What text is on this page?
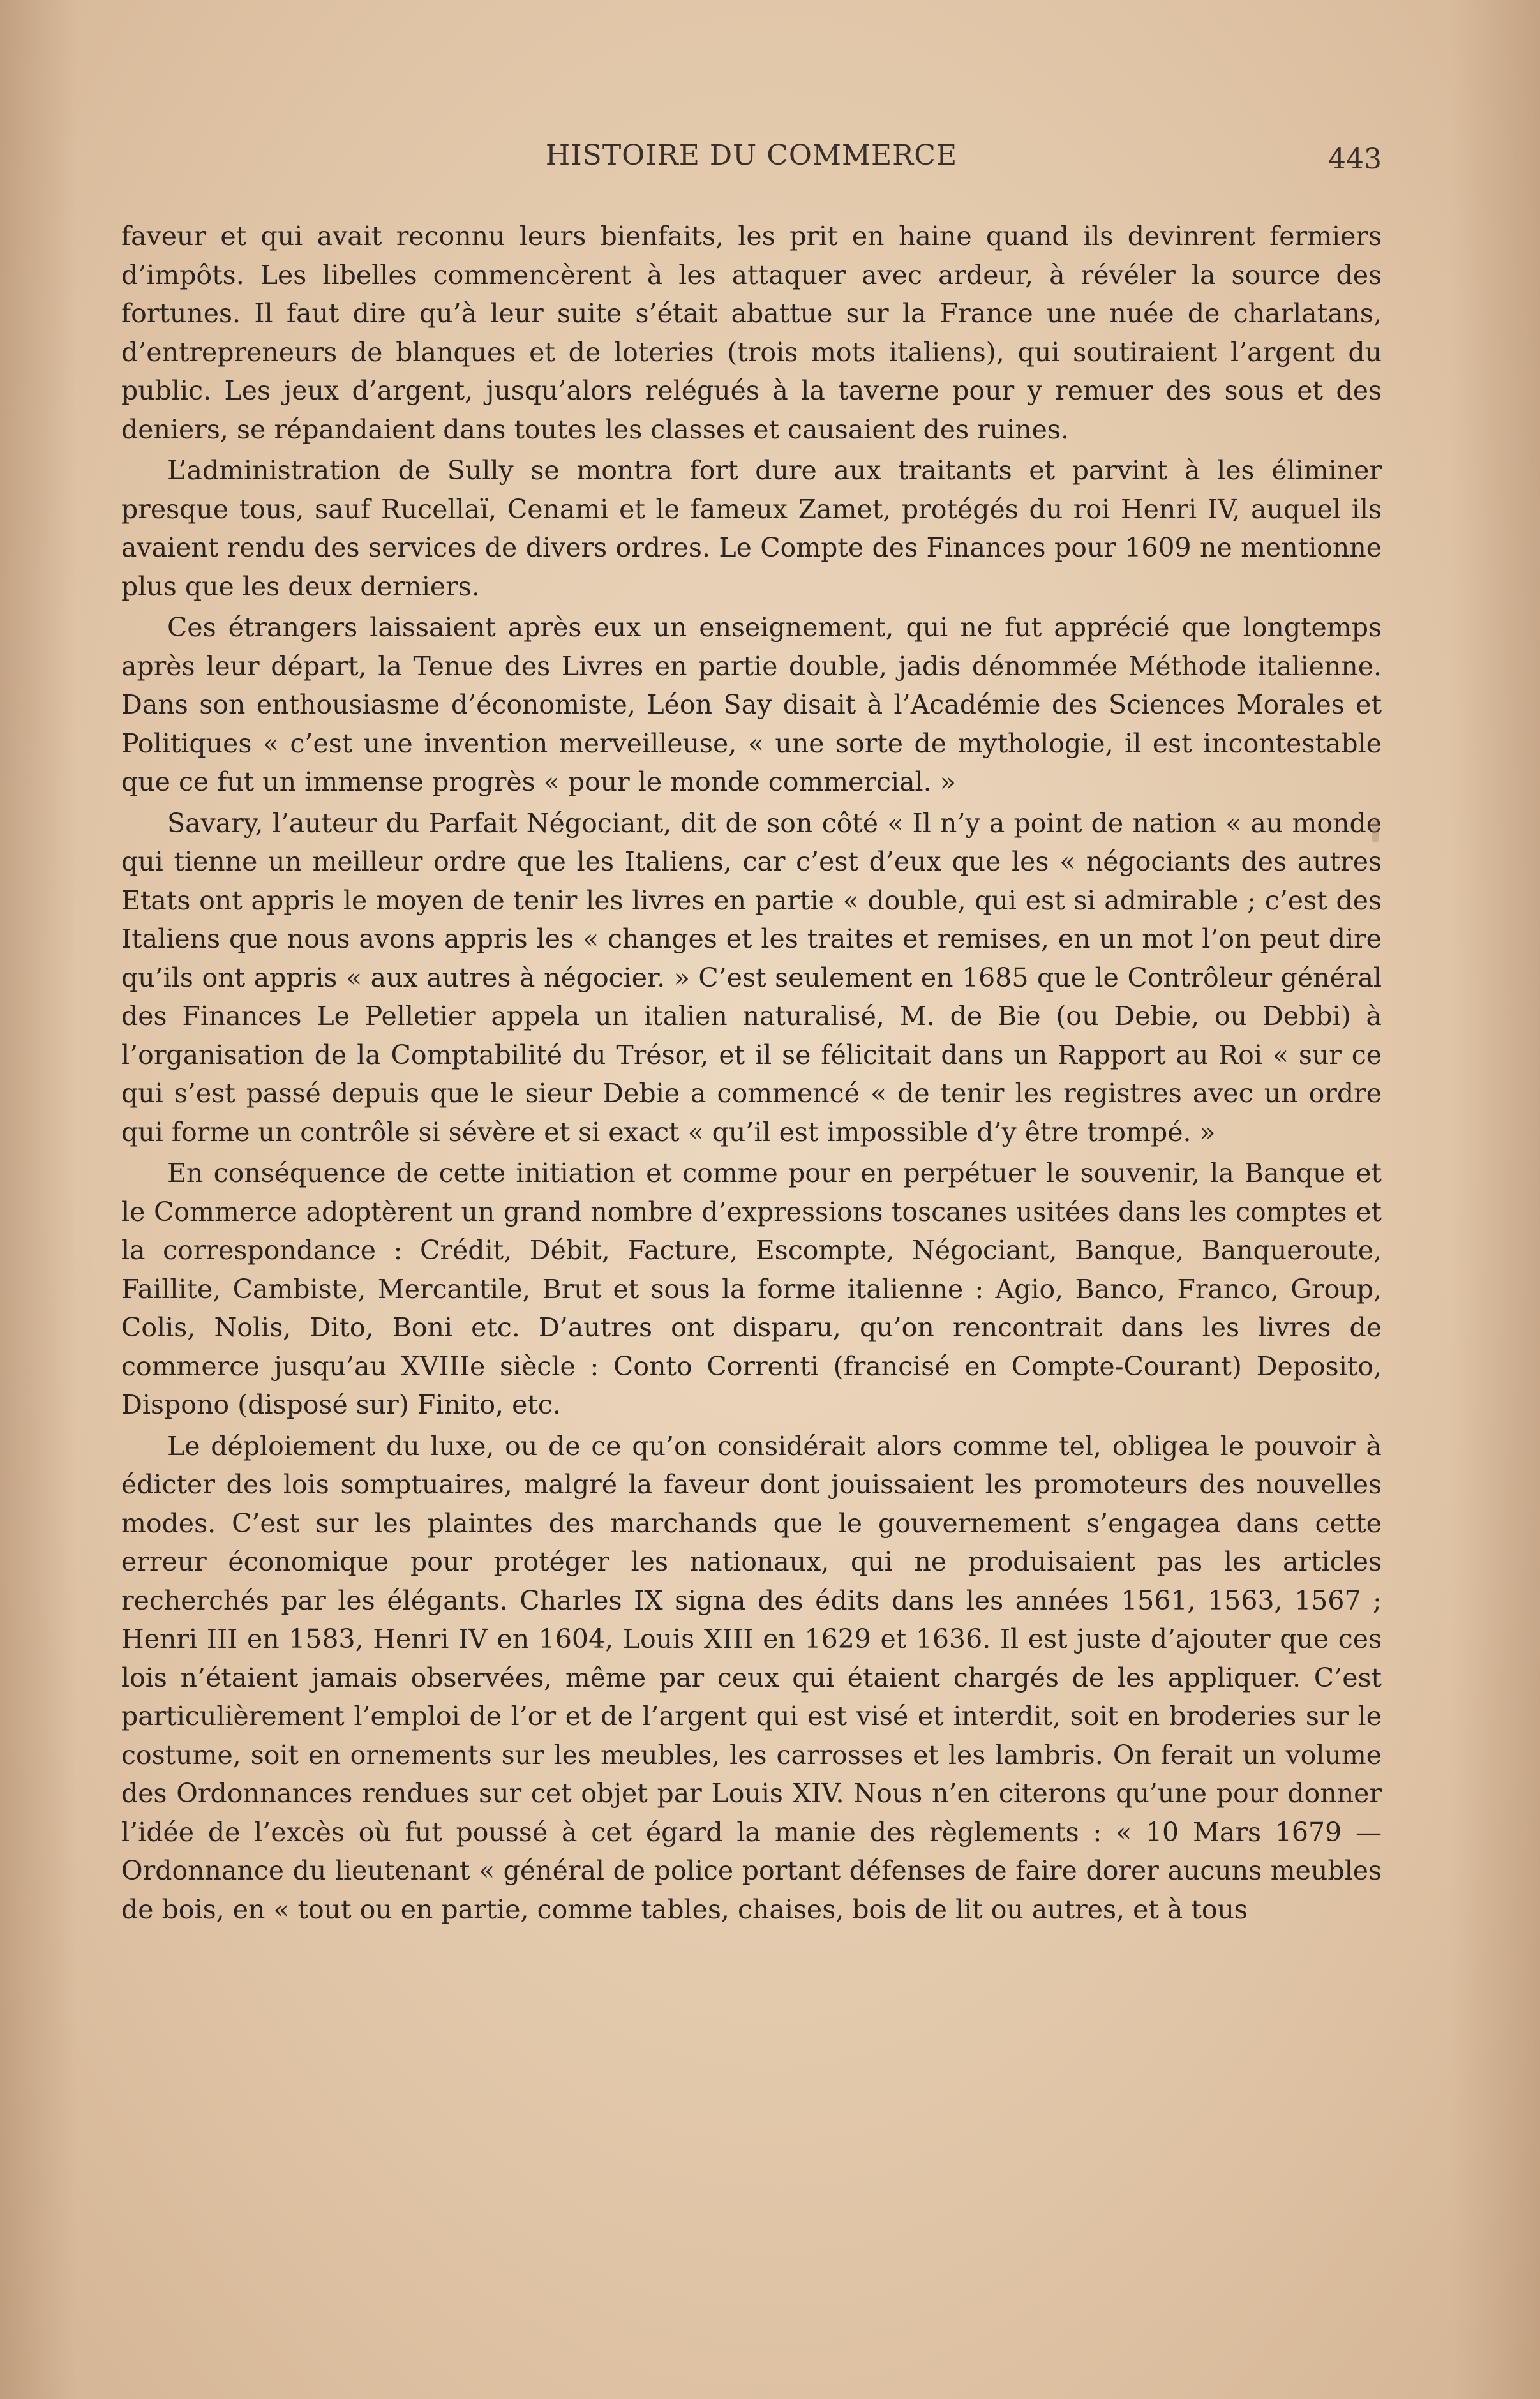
HISTOIRE DU COMMERCE	443

faveur et qui avait reconnu leurs bienfaits, les prit en haine quand ils devinrent fermiers d’impôts. Les libelles commencèrent à les attaquer avec ardeur, à révéler la source des fortunes. Il faut dire qu’à leur suite s’était abattue sur la France une nuée de charlatans, d’entrepreneurs de blanques et de loteries (trois mots italiens), qui soutiraient l’argent du public. Les jeux d’argent, jusqu’alors relégués à la taverne pour y remuer des sous et des deniers, se répandaient dans toutes les classes et causaient des ruines.

L’administration de Sully se montra fort dure aux traitants et parvint à les éliminer presque tous, sauf Rucellaï, Cenami et le fameux Zamet, protégés du roi Henri IV, auquel ils avaient rendu des services de divers ordres. Le Compte des Finances pour 1609 ne mentionne plus que les deux derniers.

Ces étrangers laissaient après eux un enseignement, qui ne fut apprécié que longtemps après leur départ, la Tenue des Livres en partie double, jadis dénommée Méthode italienne. Dans son enthousiasme d’économiste, Léon Say disait à l’Académie des Sciences Morales et Politiques « c’est une invention merveilleuse, « une sorte de mythologie, il est incontestable que ce fut un immense progrès « pour le monde commercial. »

Savary, l’auteur du Parfait Négociant, dit de son côté « Il n’y a point de nation « au monde qui tienne un meilleur ordre que les Italiens, car c’est d’eux que les « négociants des autres Etats ont appris le moyen de tenir les livres en partie « double, qui est si admirable ; c’est des Italiens que nous avons appris les « changes et les traites et remises, en un mot l’on peut dire qu’ils ont appris « aux autres à négocier. » C’est seulement en 1685 que le Contrôleur général des Finances Le Pelletier appela un italien naturalisé, M. de Bie (ou Debie, ou Debbi) à l’organisation de la Comptabilité du Trésor, et il se félicitait dans un Rapport au Roi « sur ce qui s’est passé depuis que le sieur Debie a commencé « de tenir les registres avec un ordre qui forme un contrôle si sévère et si exact « qu’il est impossible d’y être trompé. »

En conséquence de cette initiation et comme pour en perpétuer le souvenir, la Banque et le Commerce adoptèrent un grand nombre d’expressions toscanes usitées dans les comptes et la correspondance : Crédit, Débit, Facture, Escompte, Négociant, Banque, Banqueroute, Faillite, Cambiste, Mercantile, Brut et sous la forme italienne : Agio, Banco, Franco, Group, Colis, Nolis, Dito, Boni etc. D’autres ont disparu, qu’on rencontrait dans les livres de commerce jusqu’au XVIIIe siècle : Conto Correnti (francisé en Compte-Courant) Deposito, Dispono (disposé sur) Finito, etc.

Le déploiement du luxe, ou de ce qu’on considérait alors comme tel, obligea le pouvoir à édicter des lois somptuaires, malgré la faveur dont jouissaient les promoteurs des nouvelles modes. C’est sur les plaintes des marchands que le gouvernement s’engagea dans cette erreur économique pour protéger les nationaux, qui ne produisaient pas les articles recherchés par les élégants. Charles IX signa des édits dans les années 1561, 1563, 1567 ; Henri III en 1583, Henri IV en 1604, Louis XIII en 1629 et 1636. Il est juste d’ajouter que ces lois n’étaient jamais observées, même par ceux qui étaient chargés de les appliquer. C’est particulièrement l’emploi de l’or et de l’argent qui est visé et interdit, soit en broderies sur le costume, soit en ornements sur les meubles, les carrosses et les lambris. On ferait un volume des Ordonnances rendues sur cet objet par Louis XIV. Nous n’en citerons qu’une pour donner l’idée de l’excès où fut poussé à cet égard la manie des règlements : « 10 Mars 1679 — Ordonnance du lieutenant « général de police portant défenses de faire dorer aucuns meubles de bois, en « tout ou en partie, comme tables, chaises, bois de lit ou autres, et à tous
